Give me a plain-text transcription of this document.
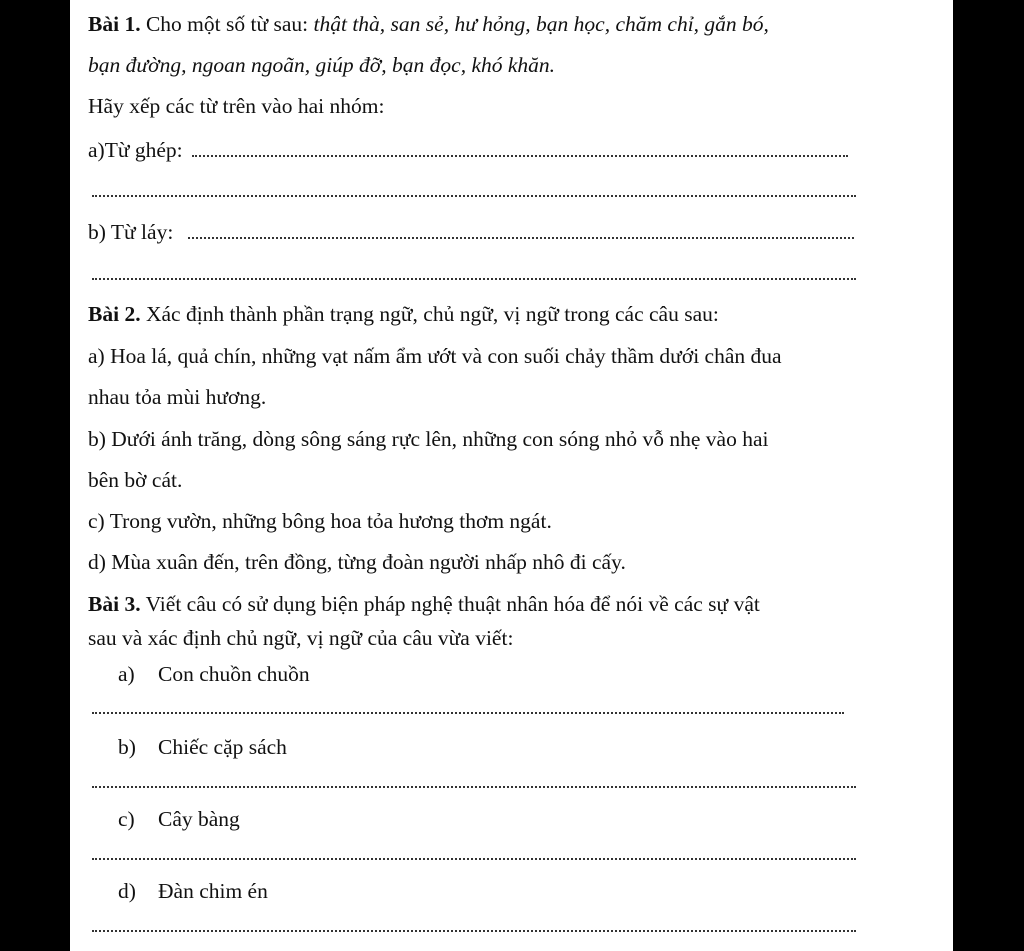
Bài 1. Cho một số từ sau: thật thà, san sẻ, hư hỏng, bạn học, chăm chỉ, gắn bó,
bạn đường, ngoan ngoãn, giúp đỡ, bạn đọc, khó khăn.
Hãy xếp các từ trên vào hai nhóm:
a)Từ ghép:
b) Từ láy:
Bài 2. Xác định thành phần trạng ngữ, chủ ngữ, vị ngữ trong các câu sau:
a) Hoa lá, quả chín, những vạt nấm ẩm ướt và con suối chảy thầm dưới chân đua
nhau tỏa mùi hương.
b) Dưới ánh trăng, dòng sông sáng rực lên, những con sóng nhỏ vỗ nhẹ vào hai
bên bờ cát.
c) Trong vườn, những bông hoa tỏa hương thơm ngát.
d) Mùa xuân đến, trên đồng, từng đoàn người nhấp nhô đi cấy.
Bài 3. Viết câu có sử dụng biện pháp nghệ thuật nhân hóa để nói về các sự vật
sau và xác định chủ ngữ, vị ngữ của câu vừa viết:
a) Con chuồn chuồn
b) Chiếc cặp sách
c) Cây bàng
d) Đàn chim én
